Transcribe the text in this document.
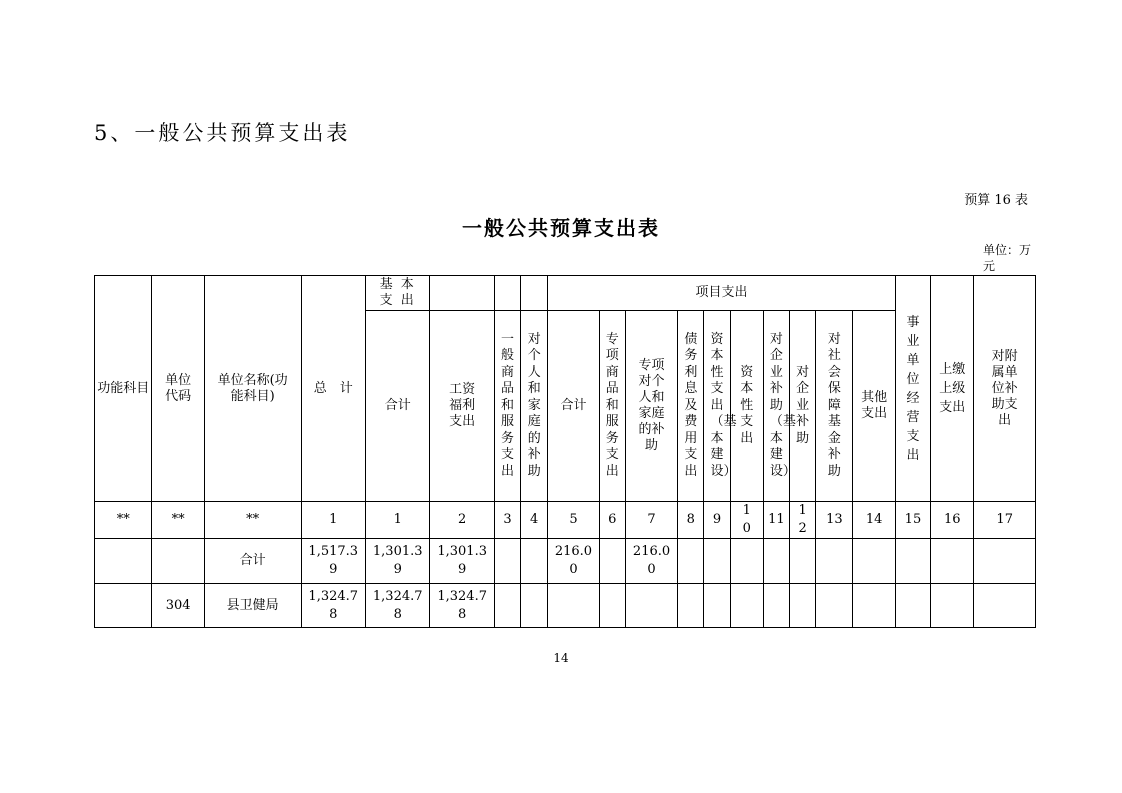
5、一般公共预算支出表
预算 16 表
一般公共预算支出表
单位：万元
功能科目	单位代码	单位名称(功能科目)	总　计	基 本 支 出				项目支出										事业单位经营支出	上缴上级支出	对附属单位补助支出
				合计	工资福利支出	一般商品和服务支出	对个人和家庭的补助	合计	专项商品和服务支出	专项对个人和家庭的补助	债务利息及费用支出	资本性支出（基本建设）	资本性支出	对企业补助（基本建设）	对企业补助	对社会保障基金补助	其他支出			
**	**	**	1	1	2	3	4	5	6	7	8	9	10	11	12	13	14	15	16	17
		合计	1,517.39	1,301.39	1,301.39			216.00		216.00										
	304	县卫健局	1,324.78	1,324.78	1,324.78															
14
